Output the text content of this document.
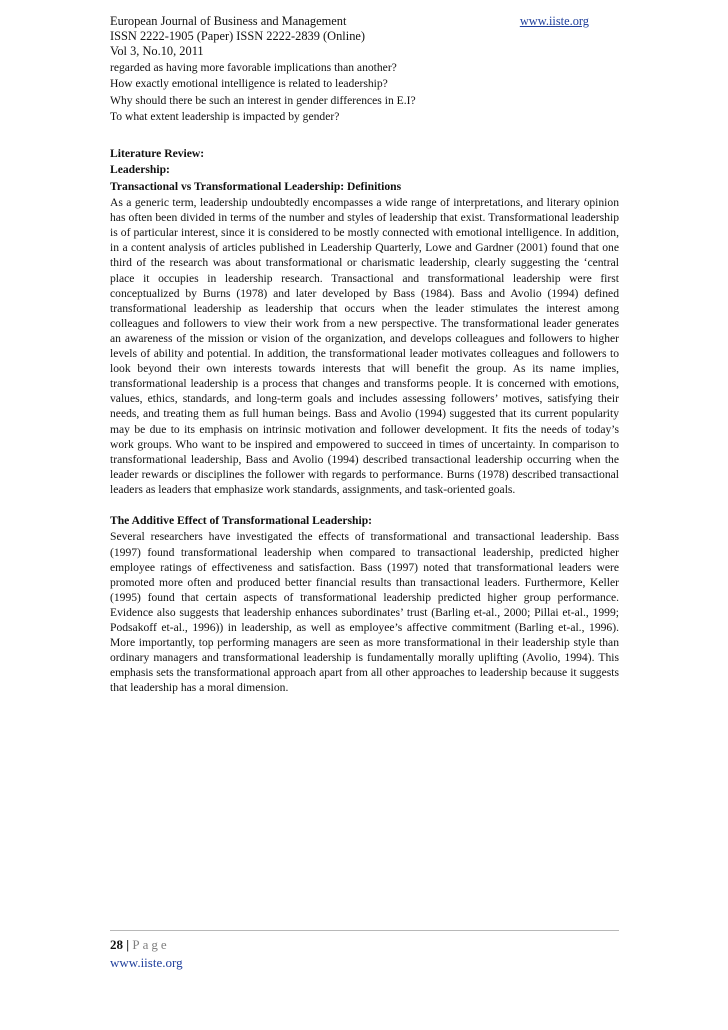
European Journal of Business and Management	www.iiste.org
ISSN 2222-1905 (Paper) ISSN 2222-2839 (Online)
Vol 3, No.10, 2011

regarded as having more favorable implications than another?

How exactly emotional intelligence is related to leadership?

Why should there be such an interest in gender differences in E.I?

To what extent leadership is impacted by gender?

Literature Review:

Leadership:

Transactional vs Transformational Leadership: Definitions

As a generic term, leadership undoubtedly encompasses a wide range of interpretations, and literary opinion has often been divided in terms of the number and styles of leadership that exist. Transformational leadership is of particular interest, since it is considered to be mostly connected with emotional intelligence. In addition, in a content analysis of articles published in Leadership Quarterly, Lowe and Gardner (2001) found that one third of the research was about transformational or charismatic leadership, clearly suggesting the ‘central place it occupies in leadership research. Transactional and transformational leadership were first conceptualized by Burns (1978) and later developed by Bass (1984). Bass and Avolio (1994) defined transformational leadership as leadership that occurs when the leader stimulates the interest among colleagues and followers to view their work from a new perspective. The transformational leader generates an awareness of the mission or vision of the organization, and develops colleagues and followers to higher levels of ability and potential. In addition, the transformational leader motivates colleagues and followers to look beyond their own interests towards interests that will benefit the group. As its name implies, transformational leadership is a process that changes and transforms people. It is concerned with emotions, values, ethics, standards, and long-term goals and includes assessing followers’ motives, satisfying their needs, and treating them as full human beings. Bass and Avolio (1994) suggested that its current popularity may be due to its emphasis on intrinsic motivation and follower development. It fits the needs of today’s work groups. Who want to be inspired and empowered to succeed in times of uncertainty. In comparison to transformational leadership, Bass and Avolio (1994) described transactional leadership occurring when the leader rewards or disciplines the follower with regards to performance. Burns (1978) described transactional leaders as leaders that emphasize work standards, assignments, and task-oriented goals.

The Additive Effect of Transformational Leadership:

Several researchers have investigated the effects of transformational and transactional leadership. Bass (1997) found transformational leadership when compared to transactional leadership, predicted higher employee ratings of effectiveness and satisfaction. Bass (1997) noted that transformational leaders were promoted more often and produced better financial results than transactional leaders. Furthermore, Keller (1995) found that certain aspects of transformational leadership predicted higher group performance. Evidence also suggests that leadership enhances subordinates’ trust (Barling et-al., 2000; Pillai et-al., 1999; Podsakoff et-al., 1996)) in leadership, as well as employee’s affective commitment (Barling et-al., 1996). More importantly, top performing managers are seen as more transformational in their leadership style than ordinary managers and transformational leadership is fundamentally morally uplifting (Avolio, 1994). This emphasis sets the transformational approach apart from all other approaches to leadership because it suggests that leadership has a moral dimension.

28 | Page
www.iiste.org
